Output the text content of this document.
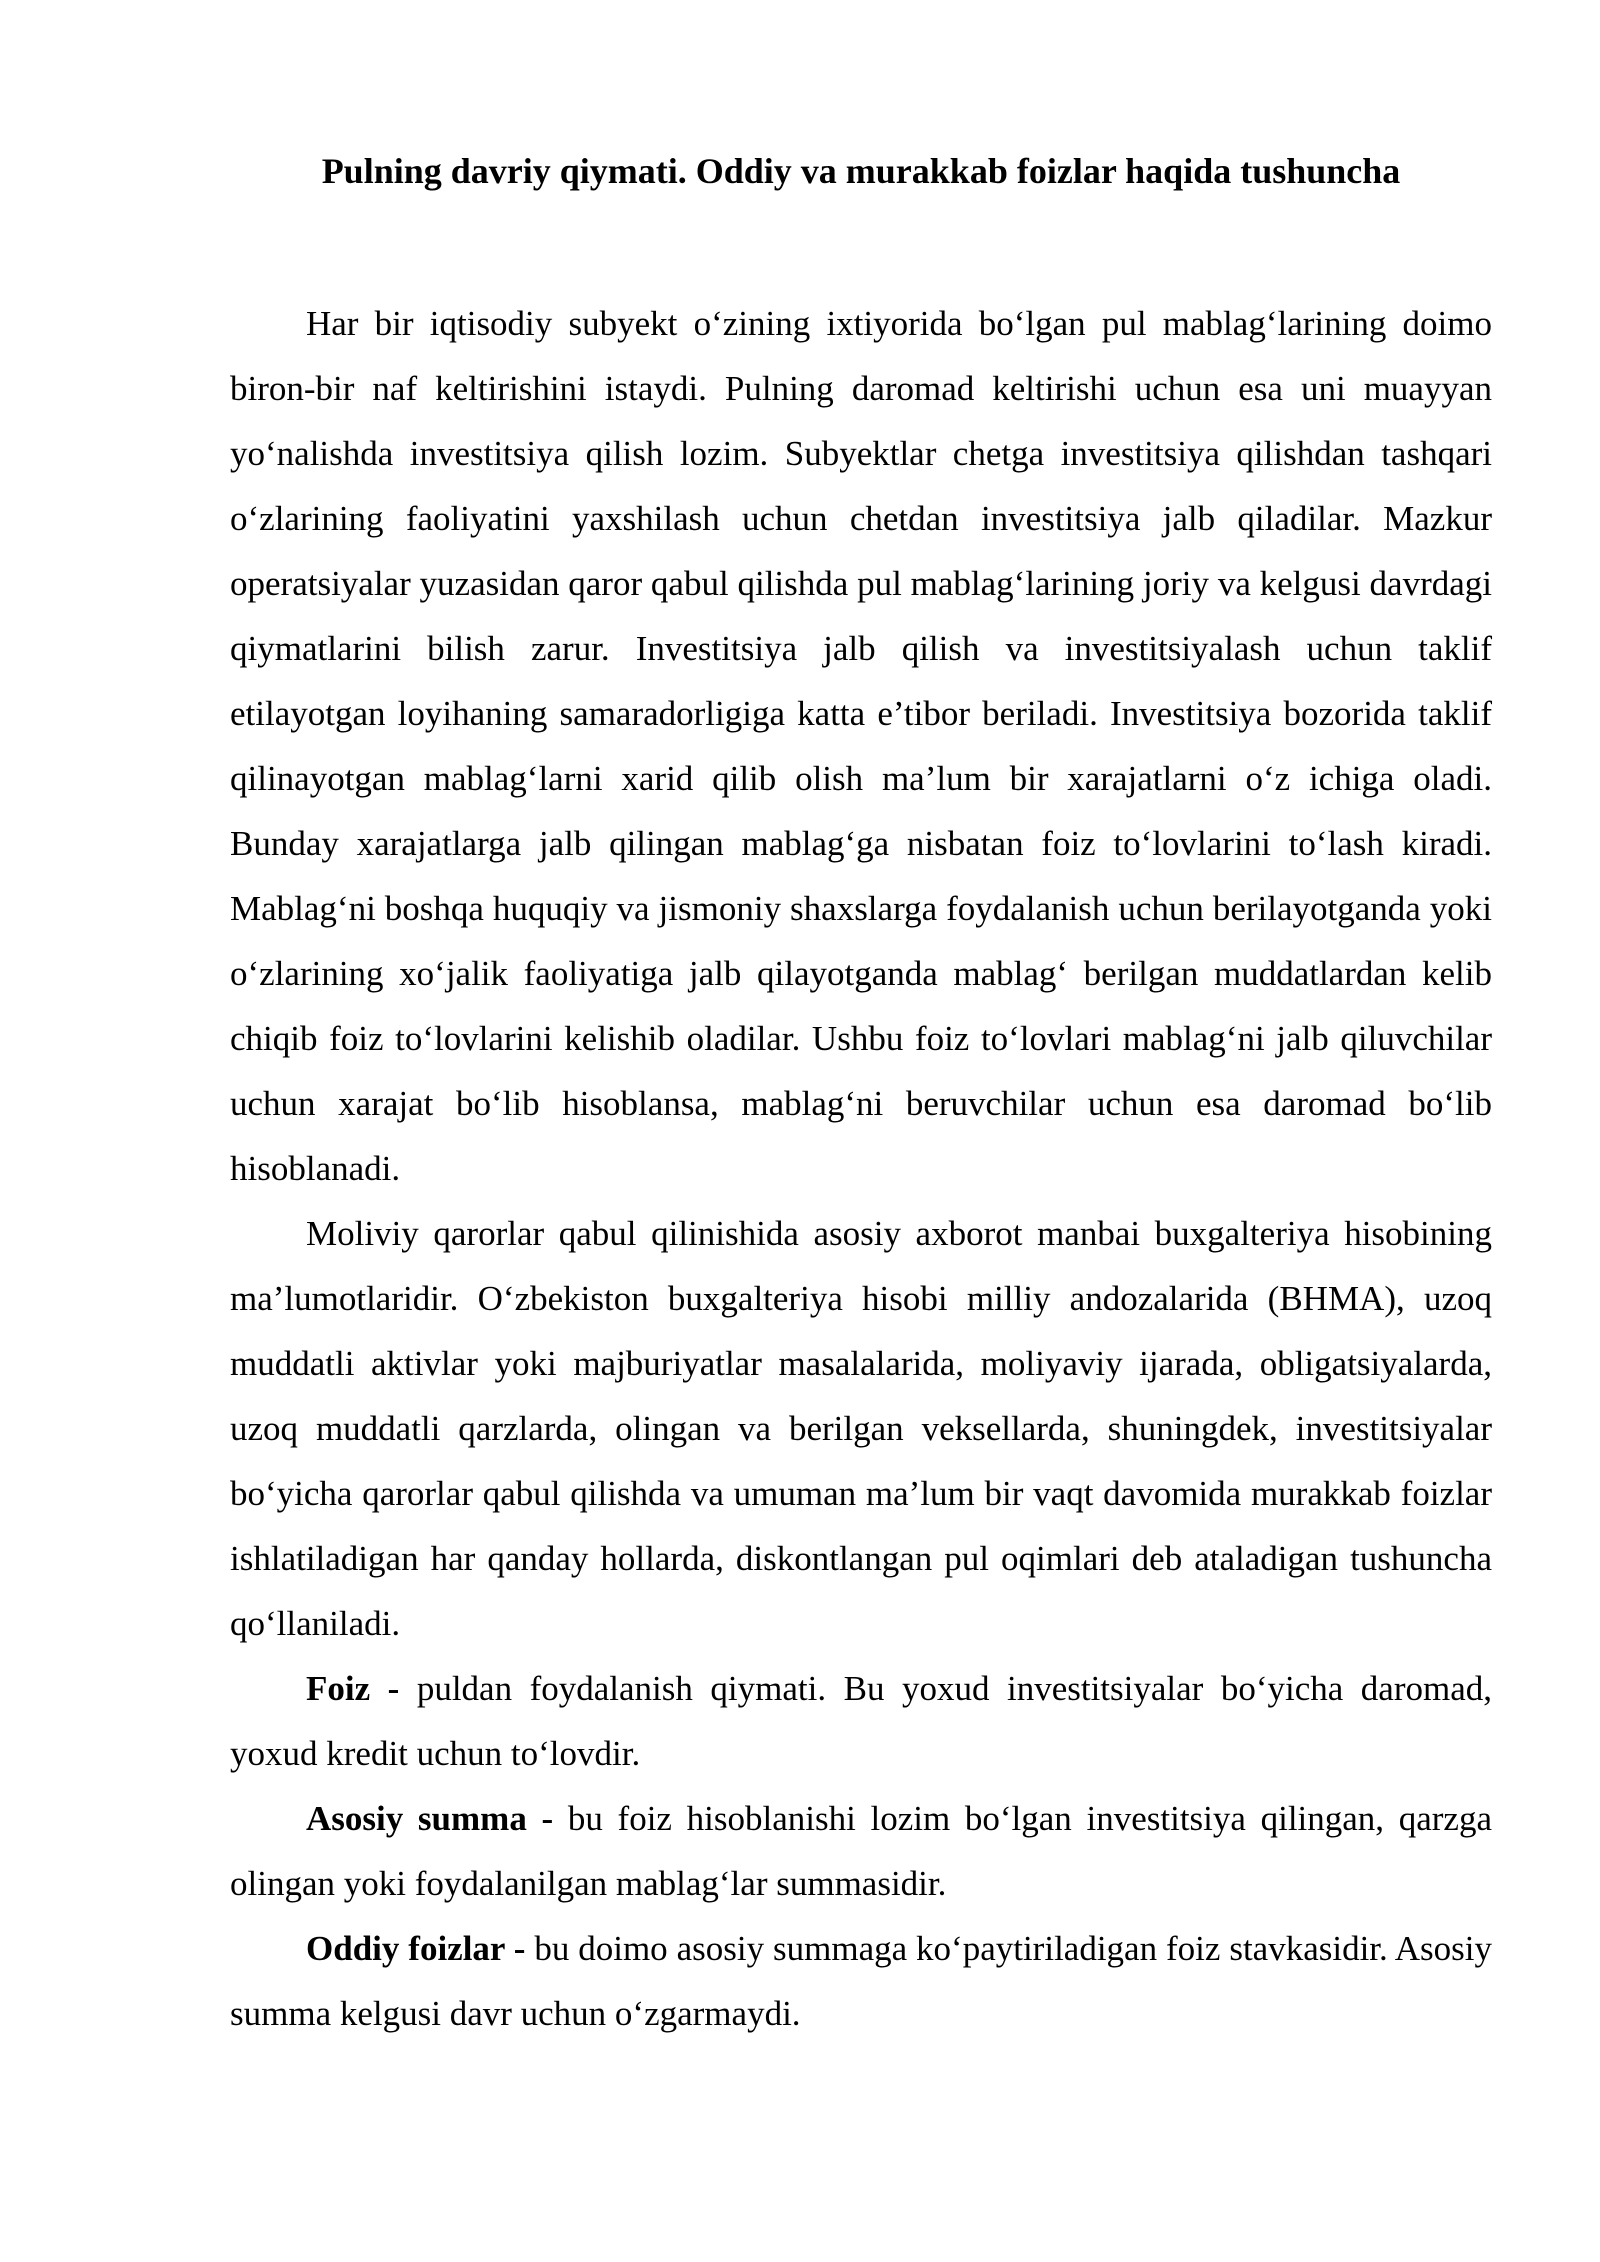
Pulning davriy qiymati. Oddiy va murakkab foizlar haqida tushuncha

Har bir iqtisodiy subyekt o‘zining ixtiyorida bo‘lgan pul mablag‘larining doimo biron-bir naf keltirishini istaydi. Pulning daromad keltirishi uchun esa uni muayyan yo‘nalishda investitsiya qilish lozim. Subyektlar chetga investitsiya qilishdan tashqari o‘zlarining faoliyatini yaxshilash uchun chetdan investitsiya jalb qiladilar. Mazkur operatsiyalar yuzasidan qaror qabul qilishda pul mablag‘larining joriy va kelgusi davrdagi qiymatlarini bilish zarur. Investitsiya jalb qilish va investitsiyalash uchun taklif etilayotgan loyihaning samaradorligiga katta e’tibor beriladi. Investitsiya bozorida taklif qilinayotgan mablag‘larni xarid qilib olish ma’lum bir xarajatlarni o‘z ichiga oladi. Bunday xarajatlarga jalb qilingan mablag‘ga nisbatan foiz to‘lovlarini to‘lash kiradi. Mablag‘ni boshqa huquqiy va jismoniy shaxslarga foydalanish uchun berilayotganda yoki o‘zlarining xo‘jalik faoliyatiga jalb qilayotganda mablag‘ berilgan muddatlardan kelib chiqib foiz to‘lovlarini kelishib oladilar. Ushbu foiz to‘lovlari mablag‘ni jalb qiluvchilar uchun xarajat bo‘lib hisoblansa, mablag‘ni beruvchilar uchun esa daromad bo‘lib hisoblanadi.

Moliviy qarorlar qabul qilinishida asosiy axborot manbai buxgalteriya hisobining ma’lumotlaridir. O‘zbekiston buxgalteriya hisobi milliy andozalarida (BHMA), uzoq muddatli aktivlar yoki majburiyatlar masalalarida, moliyaviy ijarada, obligatsiyalarda, uzoq muddatli qarzlarda, olingan va berilgan veksellarda, shuningdek, investitsiyalar bo‘yicha qarorlar qabul qilishda va umuman ma’lum bir vaqt davomida murakkab foizlar ishlatiladigan har qanday hollarda, diskontlangan pul oqimlari deb ataladigan tushuncha qo‘llaniladi.

Foiz - puldan foydalanish qiymati. Bu yoxud investitsiyalar bo‘yicha daromad, yoxud kredit uchun to‘lovdir.

Asosiy summa - bu foiz hisoblanishi lozim bo‘lgan investitsiya qilingan, qarzga olingan yoki foydalanilgan mablag‘lar summasidir.

Oddiy foizlar - bu doimo asosiy summaga ko‘paytiriladigan foiz stavkasidir. Asosiy summa kelgusi davr uchun o‘zgarmaydi.
